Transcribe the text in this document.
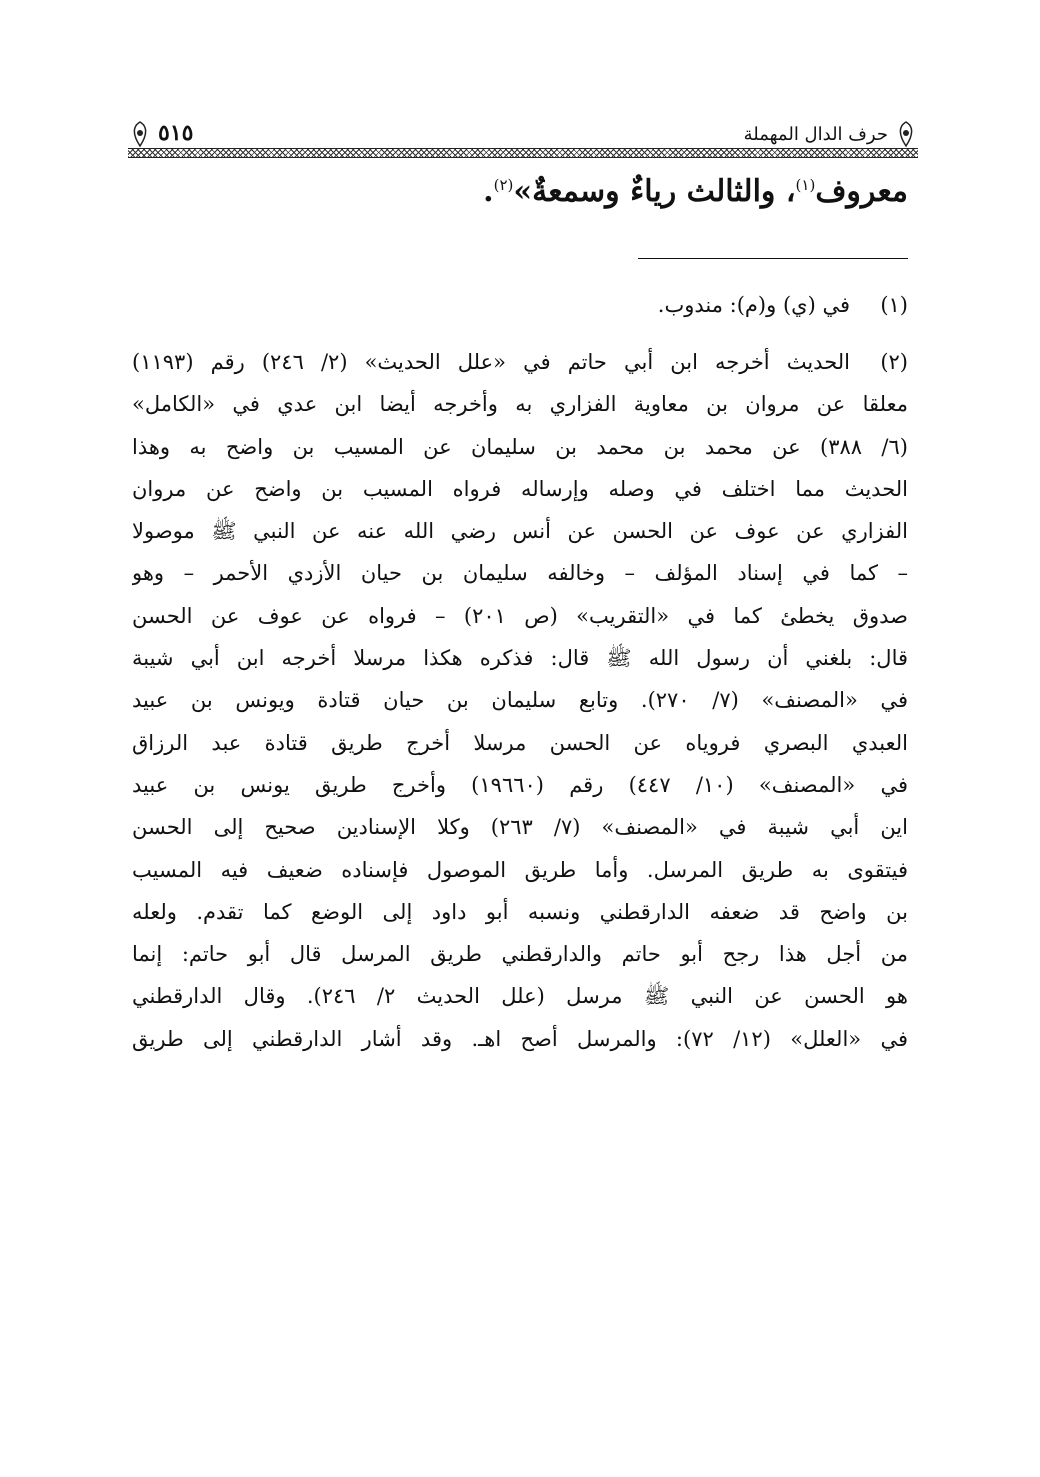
حرف الدال المهملة
٥١٥
معروف$^{(١)}$، والثالث رياءٌ وسمعةٌ»$^{(٢)}$.
(١)
في (ي) و(م): مندوب.
(٢)
الحديث أخرجه ابن أبي حاتم في «علل الحديث» (٢/ ٢٤٦) رقم (١١٩٣)
معلقا عن مروان بن معاوية الفزاري به وأخرجه أيضا ابن عدي في «الكامل»
(٦/ ٣٨٨) عن محمد بن محمد بن سليمان عن المسيب بن واضح به وهذا
الحديث مما اختلف في وصله وإرساله فرواه المسيب بن واضح عن مروان
الفزاري عن عوف عن الحسن عن أنس رضي الله عنه عن النبي ﷺ موصولا
– كما في إسناد المؤلف – وخالفه سليمان بن حيان الأزدي الأحمر – وهو
صدوق يخطئ كما في «التقريب» (ص ٢٠١) – فرواه عن عوف عن الحسن
قال: بلغني أن رسول الله ﷺ قال: فذكره هكذا مرسلا أخرجه ابن أبي شيبة
في «المصنف» (٧/ ٢٧٠). وتابع سليمان بن حيان قتادة ويونس بن عبيد
العبدي البصري فروياه عن الحسن مرسلا أخرج طريق قتادة عبد الرزاق
في «المصنف» (١٠/ ٤٤٧) رقم (١٩٦٦٠) وأخرج طريق يونس بن عبيد
اين أبي شيبة في «المصنف» (٧/ ٢٦٣) وكلا الإسنادين صحيح إلى الحسن
فيتقوى به طريق المرسل. وأما طريق الموصول فإسناده ضعيف فيه المسيب
بن واضح قد ضعفه الدارقطني ونسبه أبو داود إلى الوضع كما تقدم. ولعله
من أجل هذا رجح أبو حاتم والدارقطني طريق المرسل قال أبو حاتم: إنما
هو الحسن عن النبي ﷺ مرسل (علل الحديث ٢/ ٢٤٦). وقال الدارقطني
في «العلل» (١٢/ ٧٢): والمرسل أصح اهـ. وقد أشار الدارقطني إلى طريق
